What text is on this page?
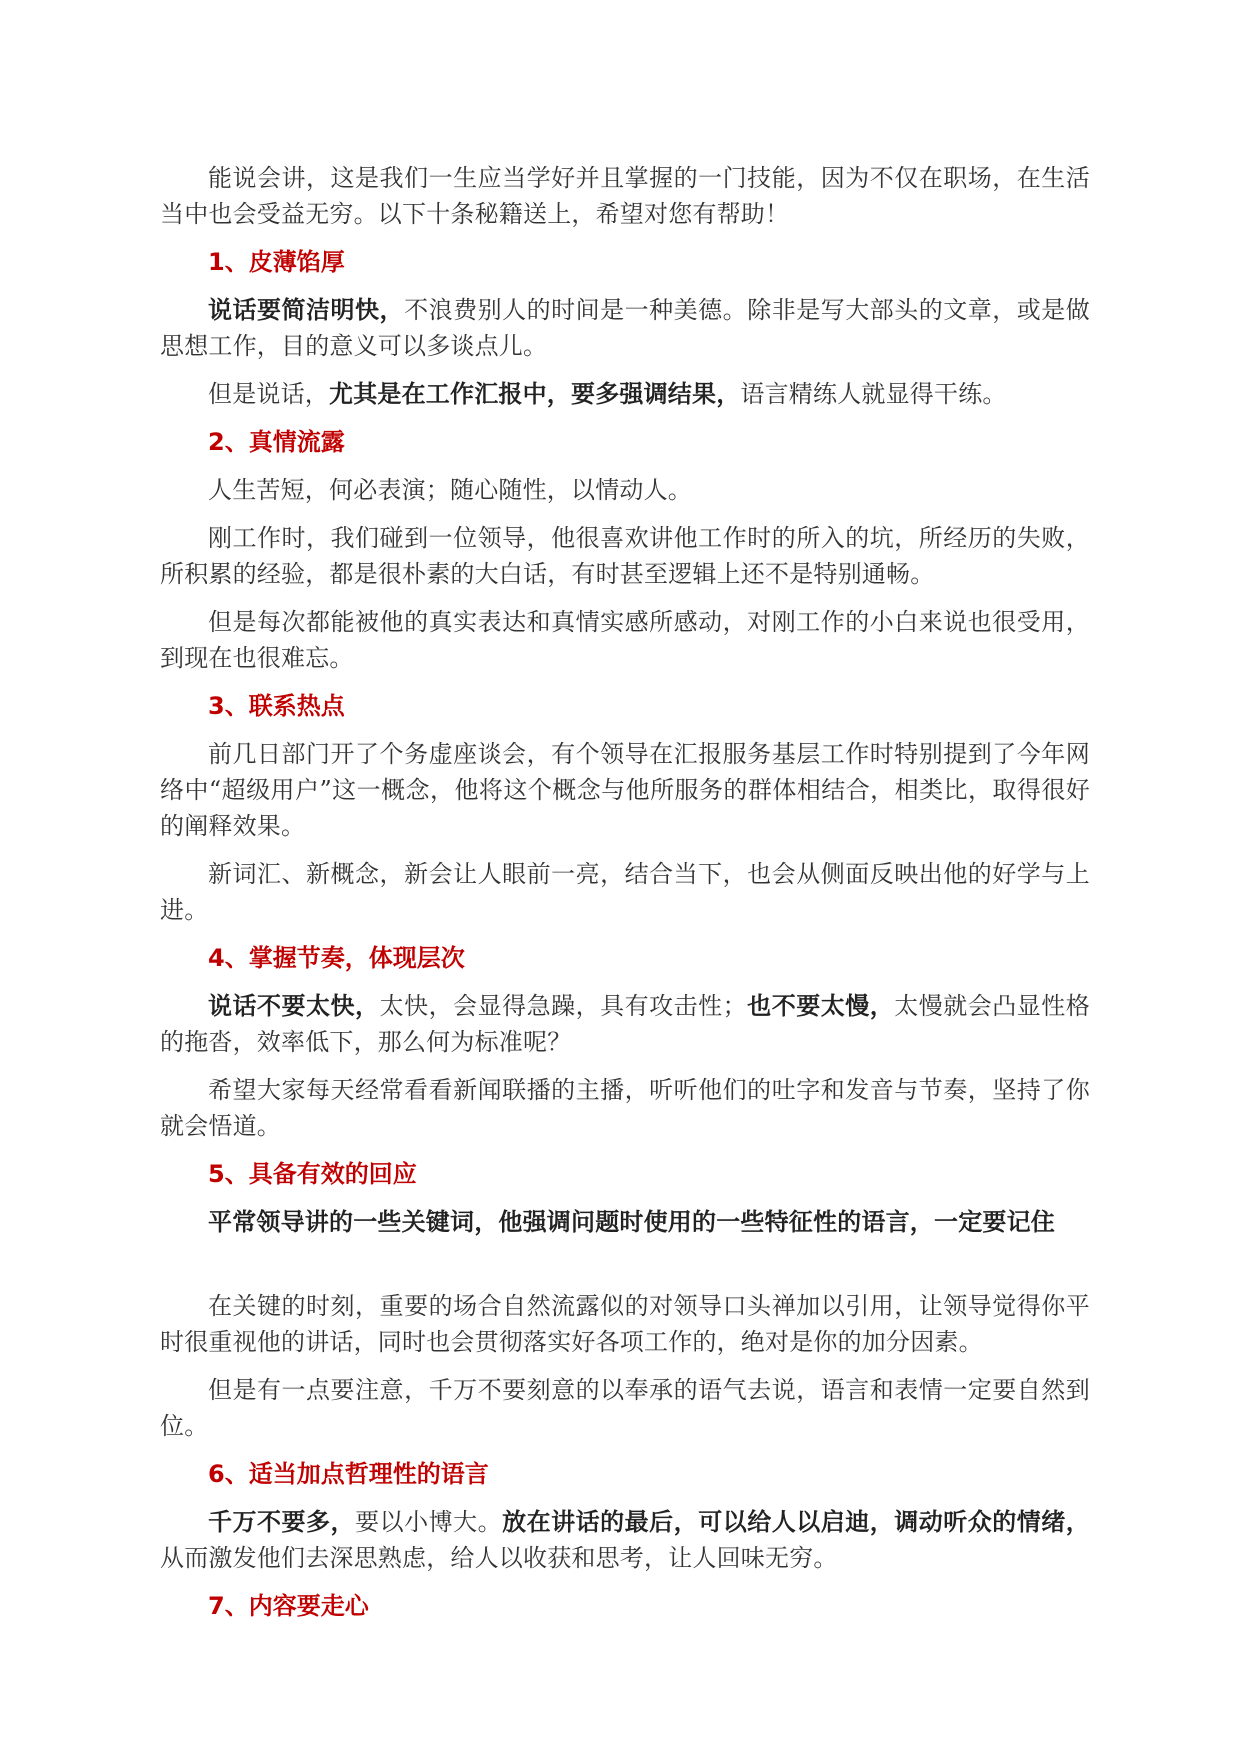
能说会讲，这是我们一生应当学好并且掌握的一门技能，因为不仅在职场，在生活当中也会受益无穷。以下十条秘籍送上，希望对您有帮助！

1、皮薄馅厚

说话要简洁明快，不浪费别人的时间是一种美德。除非是写大部头的文章，或是做思想工作，目的意义可以多谈点儿。

但是说话，尤其是在工作汇报中，要多强调结果，语言精练人就显得干练。

2、真情流露

人生苦短，何必表演；随心随性，以情动人。

刚工作时，我们碰到一位领导，他很喜欢讲他工作时的所入的坑，所经历的失败，所积累的经验，都是很朴素的大白话，有时甚至逻辑上还不是特别通畅。

但是每次都能被他的真实表达和真情实感所感动，对刚工作的小白来说也很受用，到现在也很难忘。

3、联系热点

前几日部门开了个务虚座谈会，有个领导在汇报服务基层工作时特别提到了今年网络中“超级用户”这一概念，他将这个概念与他所服务的群体相结合，相类比，取得很好的阐释效果。

新词汇、新概念，新会让人眼前一亮，结合当下，也会从侧面反映出他的好学与上进。

4、掌握节奏，体现层次

说话不要太快，太快，会显得急躁，具有攻击性；也不要太慢，太慢就会凸显性格的拖沓，效率低下，那么何为标准呢？

希望大家每天经常看看新闻联播的主播，听听他们的吐字和发音与节奏，坚持了你就会悟道。

5、具备有效的回应

平常领导讲的一些关键词，他强调问题时使用的一些特征性的语言，一定要记住

在关键的时刻，重要的场合自然流露似的对领导口头禅加以引用，让领导觉得你平时很重视他的讲话，同时也会贯彻落实好各项工作的，绝对是你的加分因素。

但是有一点要注意，千万不要刻意的以奉承的语气去说，语言和表情一定要自然到位。

6、适当加点哲理性的语言

千万不要多，要以小博大。放在讲话的最后，可以给人以启迪，调动听众的情绪，从而激发他们去深思熟虑，给人以收获和思考，让人回味无穷。

7、内容要走心
